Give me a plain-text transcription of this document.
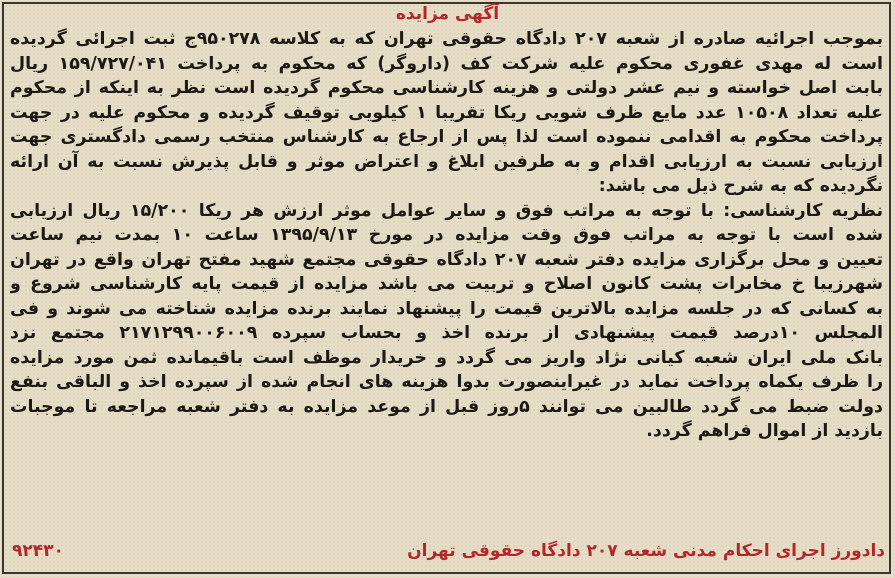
آگهی مزایده
بموجب اجرائیه صادره از شعبه ۲۰۷ دادگاه حقوقی تهران که به کلاسه ۹۵۰۲۷۸ج ثبت اجرائی گردیده
است له مهدی غفوری محکوم علیه شرکت کف (داروگر) که محکوم به پرداخت ۱۵۹/۷۲۷/۰۴۱ ریال
بابت اصل خواسته و نیم عشر دولتی و هزینه کارشناسی محکوم گردیده است نظر به اینکه از محکوم
علیه تعداد ۱۰۵۰۸ عدد مایع ظرف شویی ریکا تقریبا ۱ کیلویی توقیف گردیده و محکوم علیه در جهت
پرداخت محکوم به اقدامی ننموده است لذا پس از ارجاع به کارشناس منتخب رسمی دادگستری جهت
ارزیابی نسبت به ارزیابی اقدام و به طرفین ابلاغ و اعتراض موثر و قابل پذیرش نسبت به آن ارائه
نگردیده که به شرح ذیل می باشد:
نظریه کارشناسی: با توجه به مراتب فوق و سایر عوامل موثر ارزش هر ریکا ۱۵/۲۰۰ ریال ارزیابی
شده است با توجه به مراتب فوق وقت مزایده در مورخ ۱۳۹۵/۹/۱۳ ساعت ۱۰ بمدت نیم ساعت
تعیین و محل برگزاری مزایده دفتر شعبه ۲۰۷ دادگاه حقوقی مجتمع شهید مفتح تهران واقع در تهران
شهرزیبا خ مخابرات پشت کانون اصلاح و تربیت می باشد مزایده از قیمت پایه کارشناسی شروع و
به کسانی که در جلسه مزایده بالاترین قیمت را پیشنهاد نمایند برنده مزایده شناخته می شوند و فی
المجلس ۱۰درصد قیمت پیشنهادی از برنده اخذ و بحساب سپرده ۲۱۷۱۲۹۹۰۰۶۰۰۹ مجتمع نزد
بانک ملی ایران شعبه کیانی نژاد واریز می گردد و خریدار موظف است باقیمانده ثمن مورد مزایده
را ظرف یکماه پرداخت نماید در غیراینصورت بدوا هزینه های انجام شده از سپرده اخذ و الباقی بنفع
دولت ضبط می گردد طالبین می توانند ۵روز قبل از موعد مزایده به دفتر شعبه مراجعه تا موجبات
بازدید از اموال فراهم گردد.
دادورز اجرای احکام مدنی شعبه ۲۰۷ دادگاه حقوقی تهران
۹۲۴۳۰
